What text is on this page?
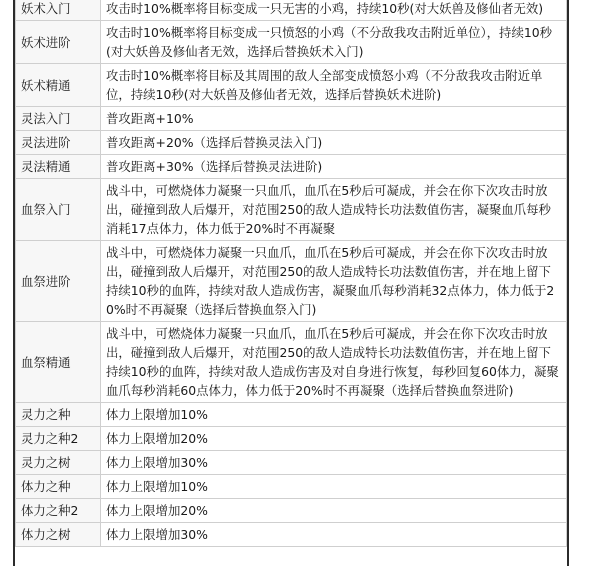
妖术入门	攻击时10%概率将目标变成一只无害的小鸡，持续10秒(对大妖兽及修仙者无效)
妖术进阶	攻击时10%概率将目标变成一只愤怒的小鸡（不分敌我攻击附近单位），持续10秒(对大妖兽及修仙者无效，选择后替换妖术入门)
妖术精通	攻击时10%概率将目标及其周围的敌人全部变成愤怒小鸡（不分敌我攻击附近单位，持续10秒(对大妖兽及修仙者无效，选择后替换妖术进阶)
灵法入门	普攻距离+10%
灵法进阶	普攻距离+20%（选择后替换灵法入门)
灵法精通	普攻距离+30%（选择后替换灵法进阶)
血祭入门	战斗中，可燃烧体力凝聚一只血爪，血爪在5秒后可凝成，并会在你下次攻击时放出，碰撞到敌人后爆开，对范围250的敌人造成特长功法数值伤害，凝聚血爪每秒消耗17点体力，体力低于20%时不再凝聚
血祭进阶	战斗中，可燃烧体力凝聚一只血爪，血爪在5秒后可凝成，并会在你下次攻击时放出，碰撞到敌人后爆开，对范围250的敌人造成特长功法数值伤害，并在地上留下持续10秒的血阵，持续对敌人造成伤害，凝聚血爪每秒消耗32点体力，体力低于20%时不再凝聚（选择后替换血祭入门)
血祭精通	战斗中，可燃烧体力凝聚一只血爪，血爪在5秒后可凝成，并会在你下次攻击时放出，碰撞到敌人后爆开，对范围250的敌人造成特长功法数值伤害，并在地上留下持续10秒的血阵，持续对敌人造成伤害及对自身进行恢复，每秒回复60体力，凝聚血爪每秒消耗60点体力，体力低于20%时不再凝聚（选择后替换血祭进阶)
灵力之种	体力上限增加10%
灵力之种2	体力上限增加20%
灵力之树	体力上限增加30%
体力之种	体力上限增加10%
体力之种2	体力上限增加20%
体力之树	体力上限增加30%
